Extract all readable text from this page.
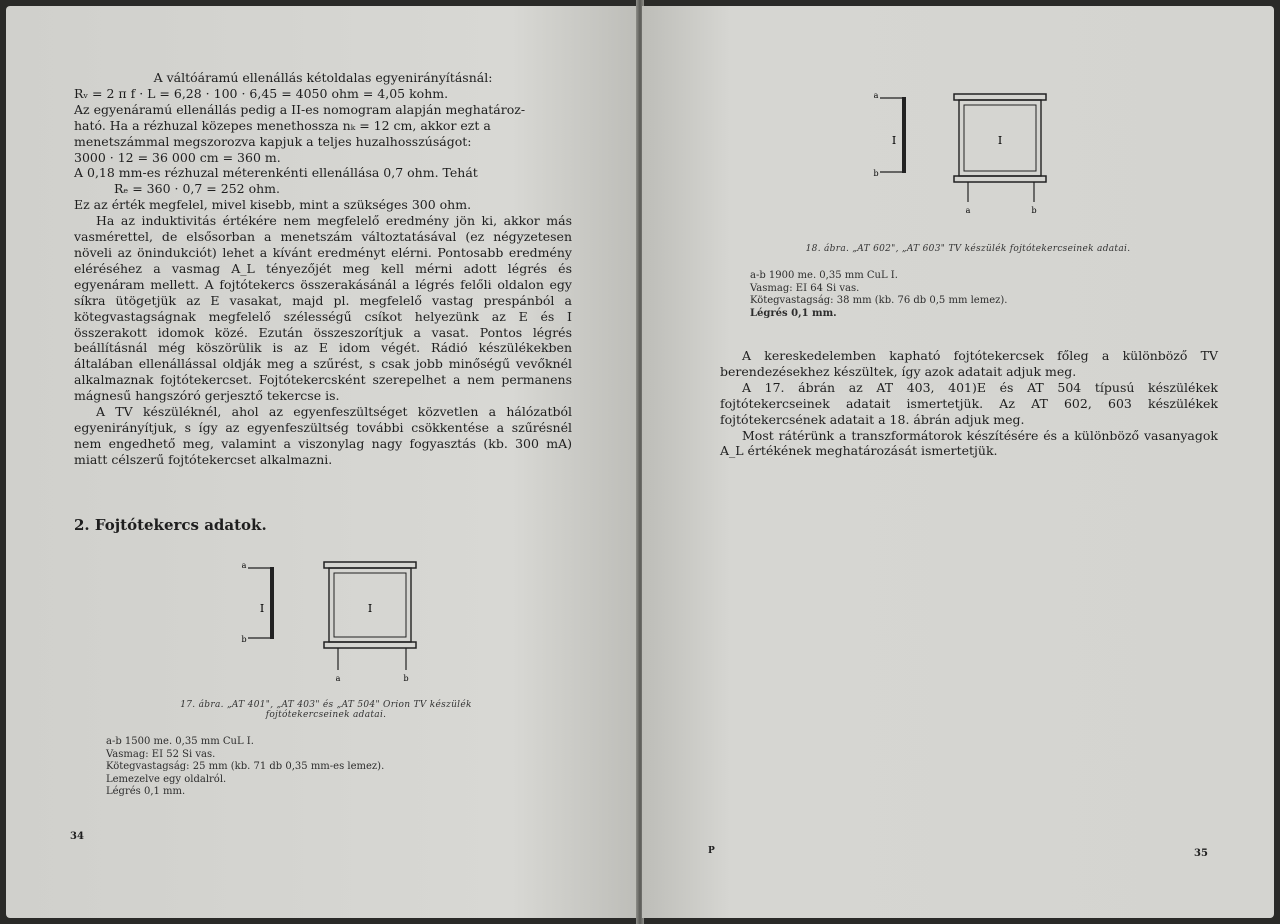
A váltóáramú ellenállás kétoldalas egyenirányításnál:

Rᵥ = 2 π f · L = 6,28 · 100 · 6,45 = 4050 ohm = 4,05 kohm.

Az egyenáramú ellenállás pedig a II-es nomogram alapján meghatároz-

ható. Ha a rézhuzal közepes menethossza nₖ = 12 cm, akkor ezt a

menetszámmal megszorozva kapjuk a teljes huzalhosszúságot:

3000 · 12 = 36 000 cm = 360 m.

A 0,18 mm-es rézhuzal méterenkénti ellenállása 0,7 ohm. Tehát

Rₑ = 360 · 0,7 = 252 ohm.

Ez az érték megfelel, mivel kisebb, mint a szükséges 300 ohm.

Ha az induktivitás értékére nem megfelelő eredmény jön ki, akkor más vasmérettel, de elsősorban a menetszám változtatásával (ez négyzetesen növeli az önindukciót) lehet a kívánt eredményt elérni. Pontosabb eredmény eléréséhez a vasmag A_L tényezőjét meg kell mérni adott légrés és egyenáram mellett. A fojtótekercs összerakásánál a légrés felőli oldalon egy síkra ütögetjük az E vasakat, majd pl. megfelelő vastag prespánból a kötegvastagságnak megfelelő szélességű csíkot helyezünk az E és I összerakott idomok közé. Ezután összeszorítjuk a vasat. Pontos légrés beállításnál még köszörülik is az E idom végét. Rádió készülékekben általában ellenállással oldják meg a szűrést, s csak jobb minőségű vevőknél alkalmaznak fojtótekercset. Fojtótekercsként szerepelhet a nem permanens mágnesű hangszóró gerjesztő tekercse is.

A TV készüléknél, ahol az egyenfeszültséget közvetlen a hálózatból egyenirányítjuk, s így az egyenfeszültség további csökkentése a szűrésnél nem engedhető meg, valamint a viszonylag nagy fogyasztás (kb. 300 mA) miatt célszerű fojtótekercset alkalmazni.

2. Fojtótekercs adatok.
I
a
b
I
a	b
17. ábra. „AT 401", „AT 403" és „AT 504" Orion TV készülék
fojtótekercseinek adatai.
a-b 1500 me. 0,35 mm CuL I.
Vasmag: EI 52 Si vas.
Kötegvastagság: 25 mm (kb. 71 db 0,35 mm-es lemez).
Lemezelve egy oldalról.
Légrés 0,1 mm.
34
I
a
b
I
a	b
18. ábra. „AT 602", „AT 603" TV készülék fojtótekercseinek adatai.
a-b 1900 me. 0,35 mm CuL I.
Vasmag: EI 64 Si vas.
Kötegvastagság: 38 mm (kb. 76 db 0,5 mm lemez).
Légrés 0,1 mm.

A kereskedelemben kapható fojtótekercsek főleg a különböző TV berendezésekhez készültek, így azok adatait adjuk meg.

A 17. ábrán az AT 403, 401)E és AT 504 típusú készülékek fojtótekercseinek adatait ismertetjük. Az AT 602, 603 készülékek fojtótekercsének adatait a 18. ábrán adjuk meg.

Most rátérünk a transzformátorok készítésére és a különböző vasanyagok A_L értékének meghatározását ismertetjük.

P	35
